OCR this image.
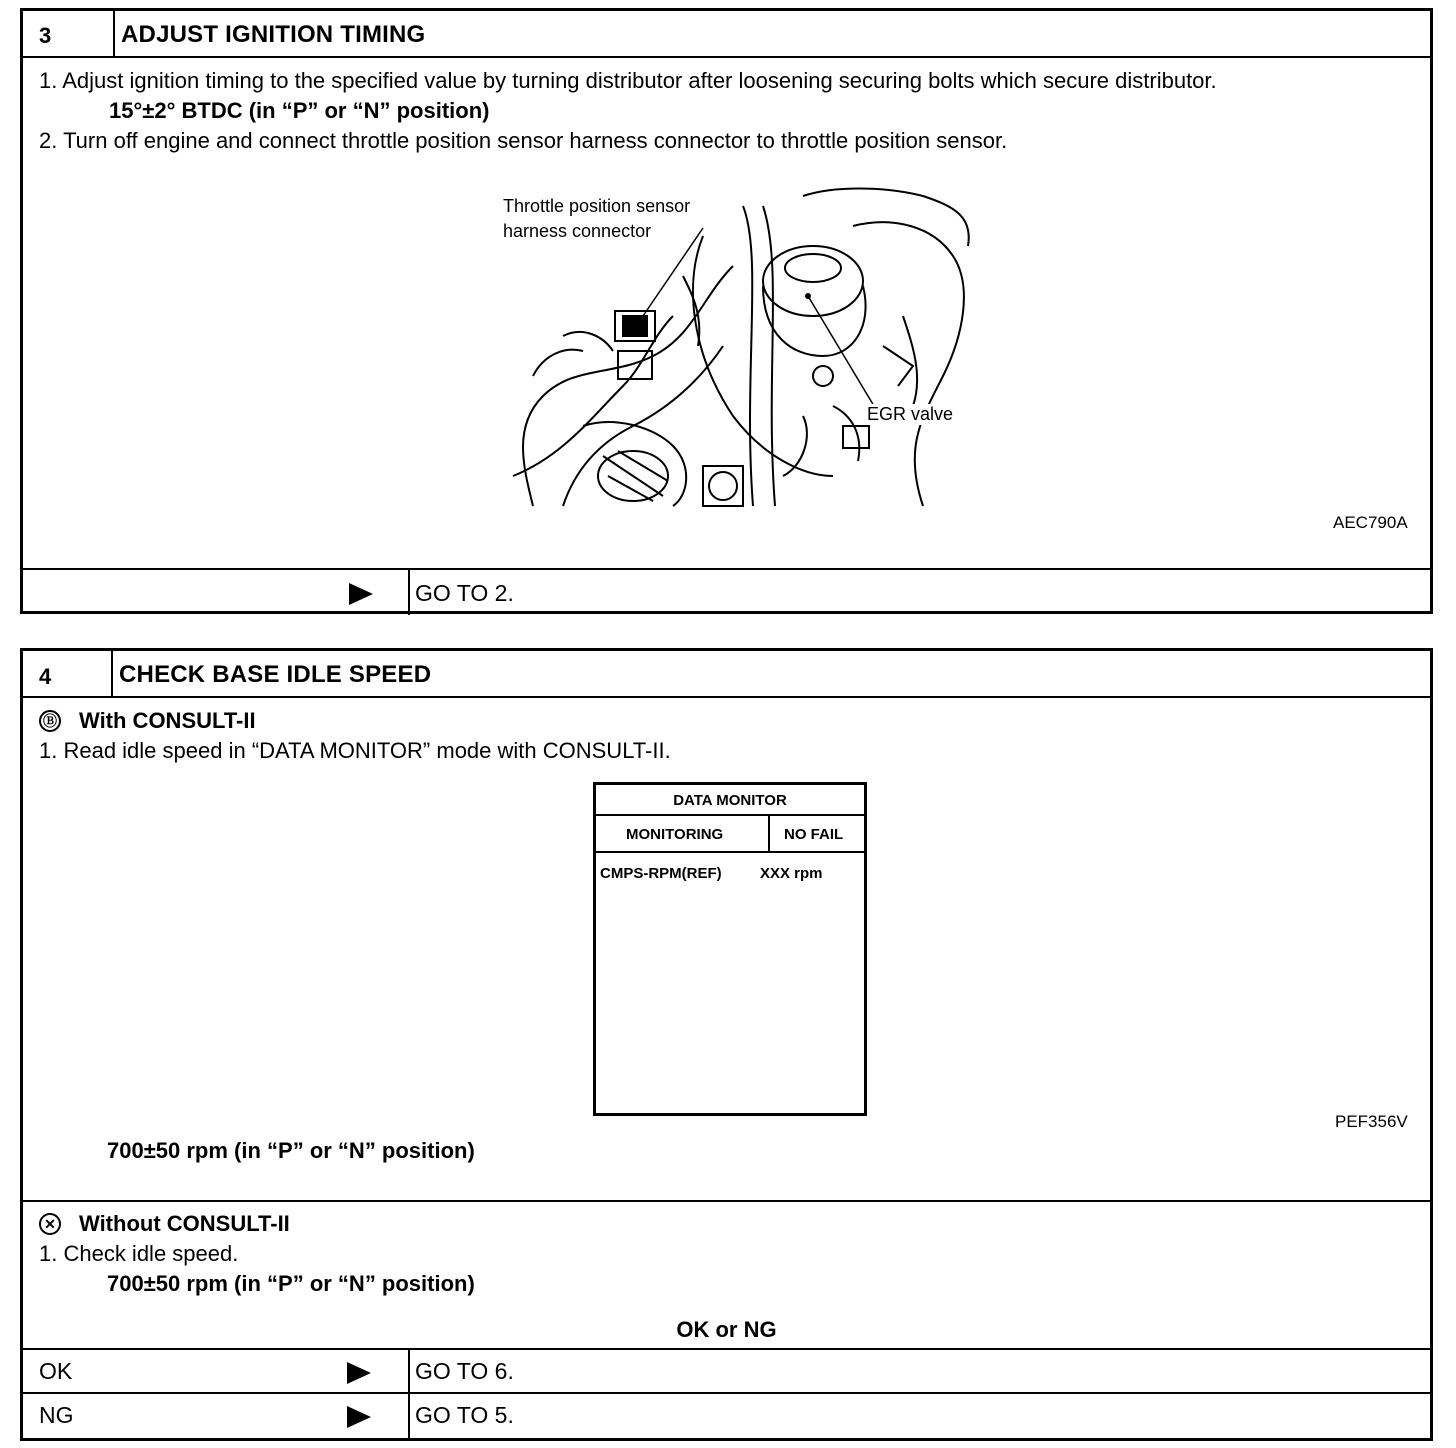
3	ADJUST IGNITION TIMING
1. Adjust ignition timing to the specified value by turning distributor after loosening securing bolts which secure distributor.
15°±2° BTDC (in “P” or “N” position)
2. Turn off engine and connect throttle position sensor harness connector to throttle position sensor.
Throttle position sensor
harness connector
EGR valve
AEC790A
GO TO 2.
4	CHECK BASE IDLE SPEED
Ⓑ With CONSULT-II
1. Read idle speed in “DATA MONITOR” mode with CONSULT-II.
DATA MONITOR
MONITORING	NO FAIL
CMPS-RPM(REF)	XXX rpm
PEF356V
700±50 rpm (in “P” or “N” position)
✕ Without CONSULT-II
1. Check idle speed.
700±50 rpm (in “P” or “N” position)
OK or NG
OK	GO TO 6.
NG	GO TO 5.
